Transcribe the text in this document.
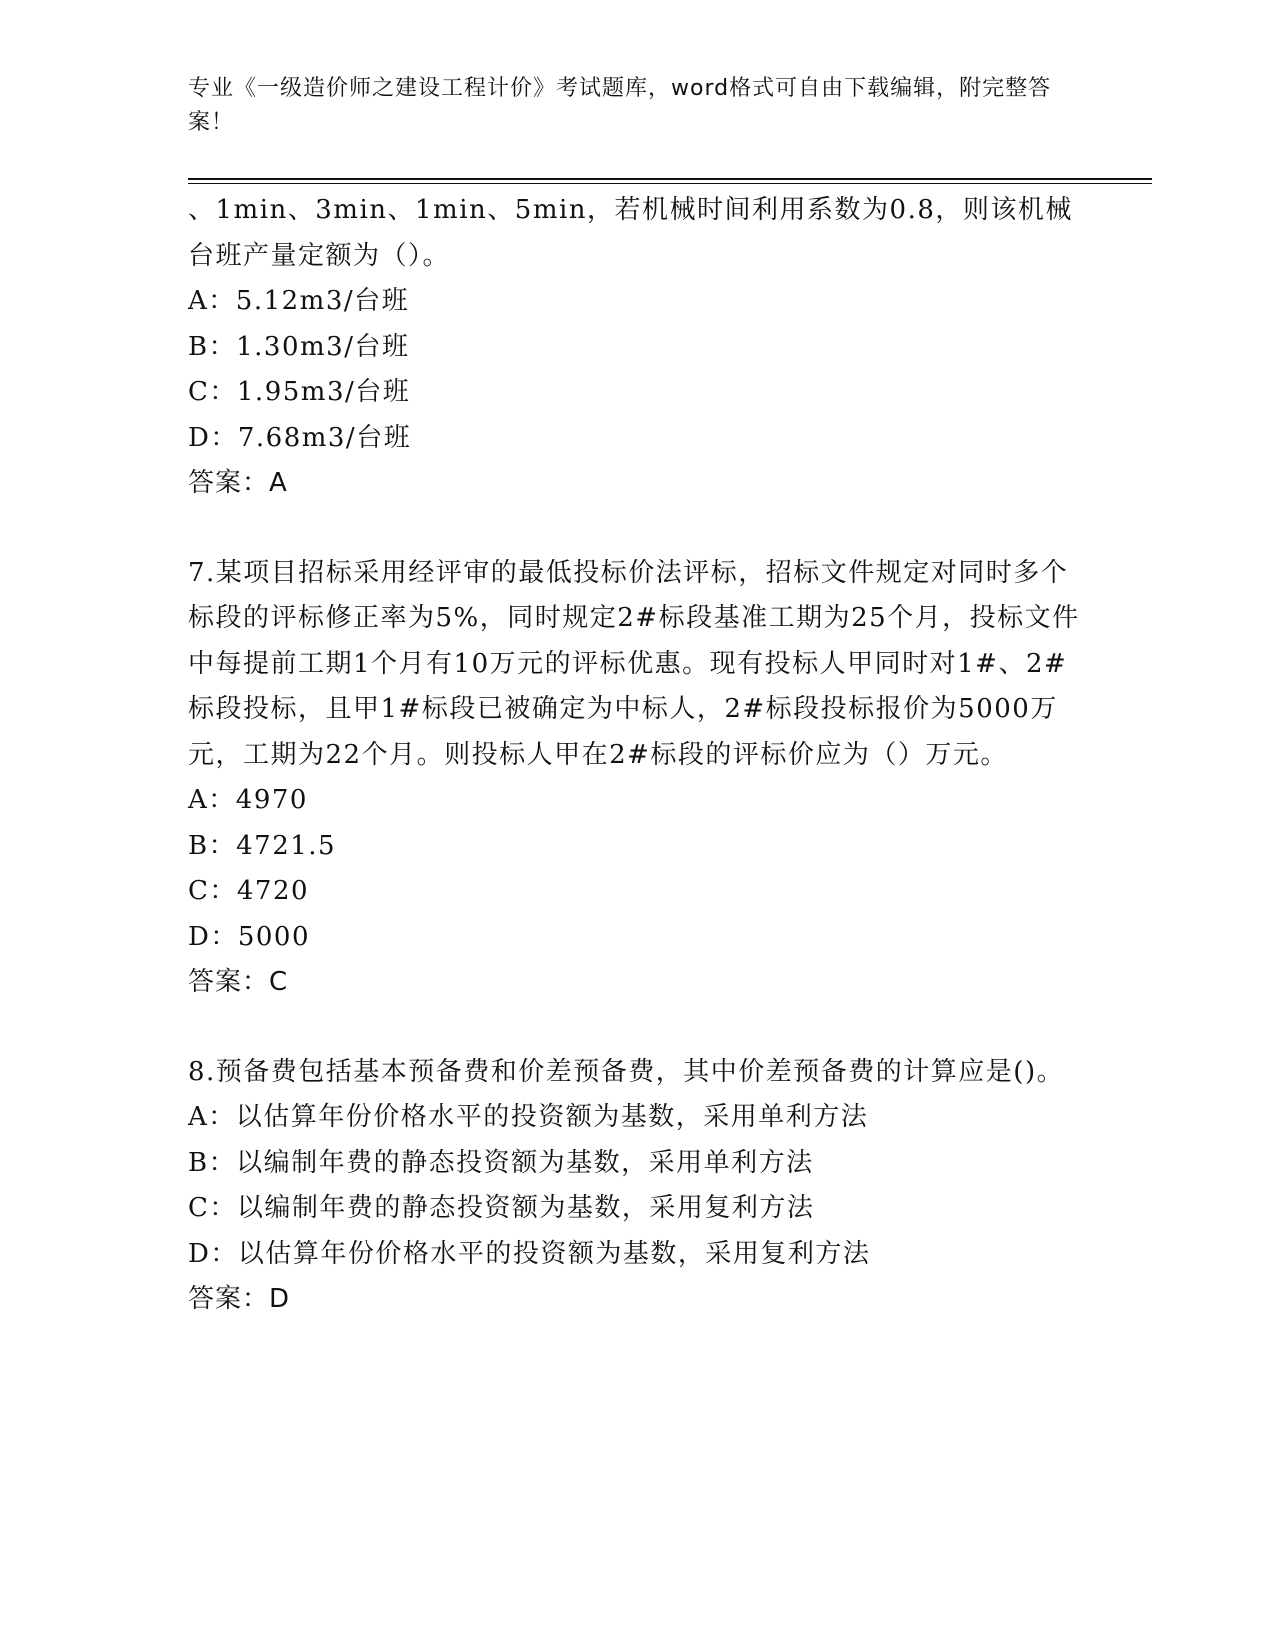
专业《一级造价师之建设工程计价》考试题库，word格式可自由下载编辑，附完整答案！

、1min、3min、1min、5min，若机械时间利用系数为0.8，则该机械台班产量定额为（）。

A：5.12m3/台班

B：1.30m3/台班

C：1.95m3/台班

D：7.68m3/台班

答案：A

7.某项目招标采用经评审的最低投标价法评标，招标文件规定对同时多个标段的评标修正率为5%，同时规定2#标段基准工期为25个月，投标文件中每提前工期1个月有10万元的评标优惠。现有投标人甲同时对1#、2#标段投标，且甲1#标段已被确定为中标人，2#标段投标报价为5000万元，工期为22个月。则投标人甲在2#标段的评标价应为（）万元。

A：4970

B：4721.5

C：4720

D：5000

答案：C

8.预备费包括基本预备费和价差预备费，其中价差预备费的计算应是()。

A：以估算年份价格水平的投资额为基数，采用单利方法

B：以编制年费的静态投资额为基数，采用单利方法

C：以编制年费的静态投资额为基数，采用复利方法

D：以估算年份价格水平的投资额为基数，采用复利方法

答案：D
